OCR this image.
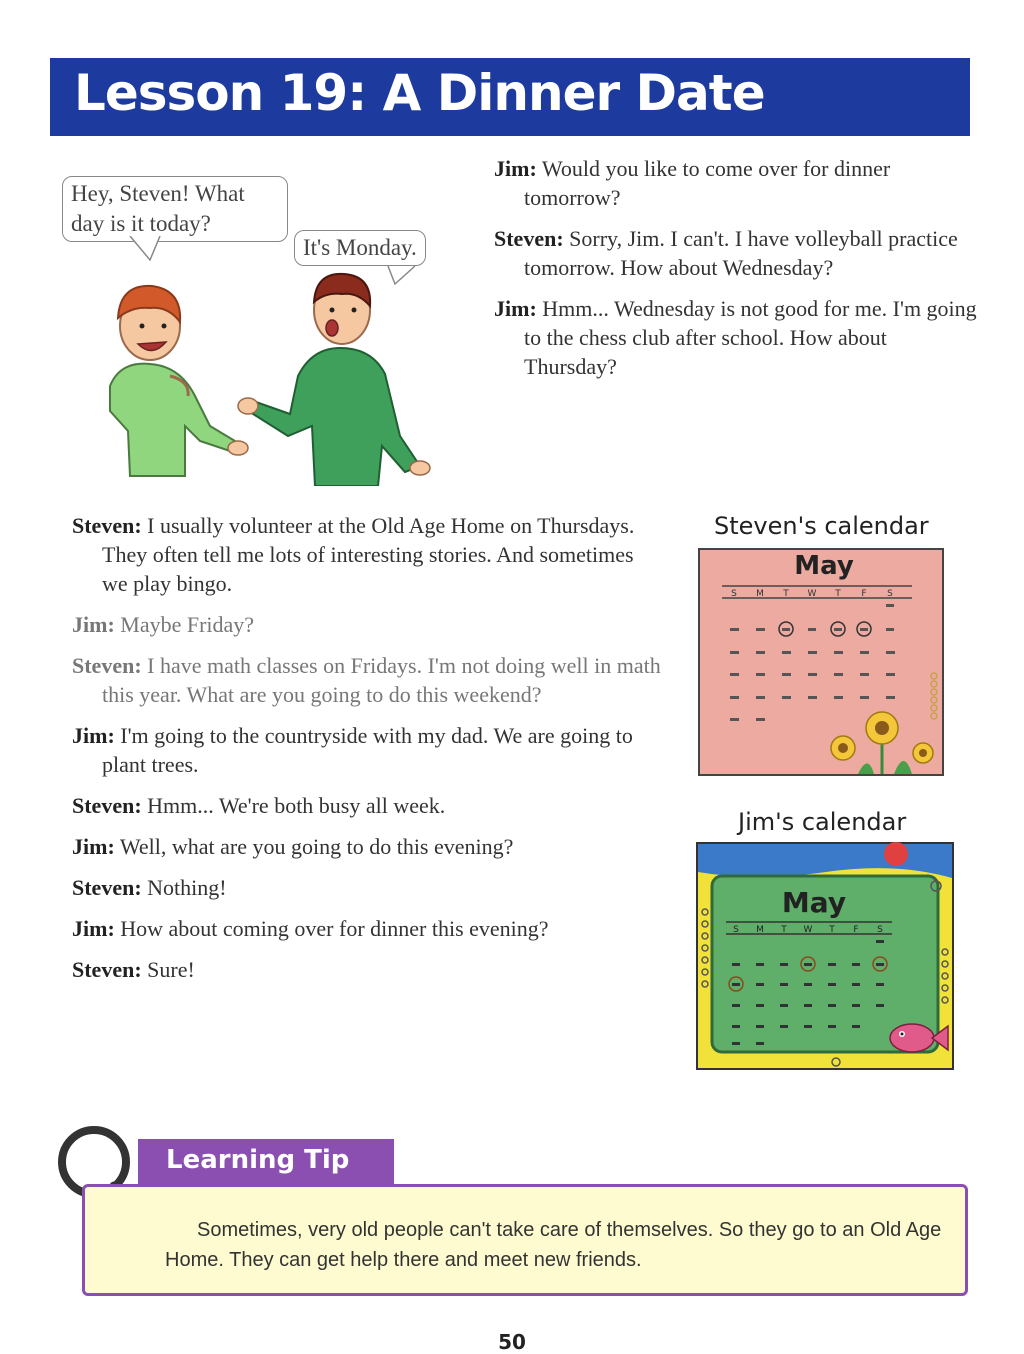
Lesson 19: A Dinner Date
Hey, Steven! What day is it today?
It's Monday.
Jim: Would you like to come over for dinner tomorrow?
Steven: Sorry, Jim. I can't. I have volleyball practice tomorrow. How about Wednesday?
Jim: Hmm... Wednesday is not good for me. I'm going to the chess club after school. How about Thursday?
Steven: I usually volunteer at the Old Age Home on Thursdays. They often tell me lots of interesting stories. And sometimes we play bingo.
Jim: Maybe Friday?
Steven: I have math classes on Fridays. I'm not doing well in math this year. What are you going to do this weekend?
Jim: I'm going to the countryside with my dad. We are going to plant trees.
Steven: Hmm... We're both busy all week.
Jim: Well, what are you going to do this evening?
Steven: Nothing!
Jim: How about coming over for dinner this evening?
Steven: Sure!
Steven's calendar
May
S M T W T F S
Jim's calendar
May
S M T W T F S
Learning Tip
Sometimes, very old people can't take care of themselves. So they go to an Old Age Home. They can get help there and meet new friends.
50
